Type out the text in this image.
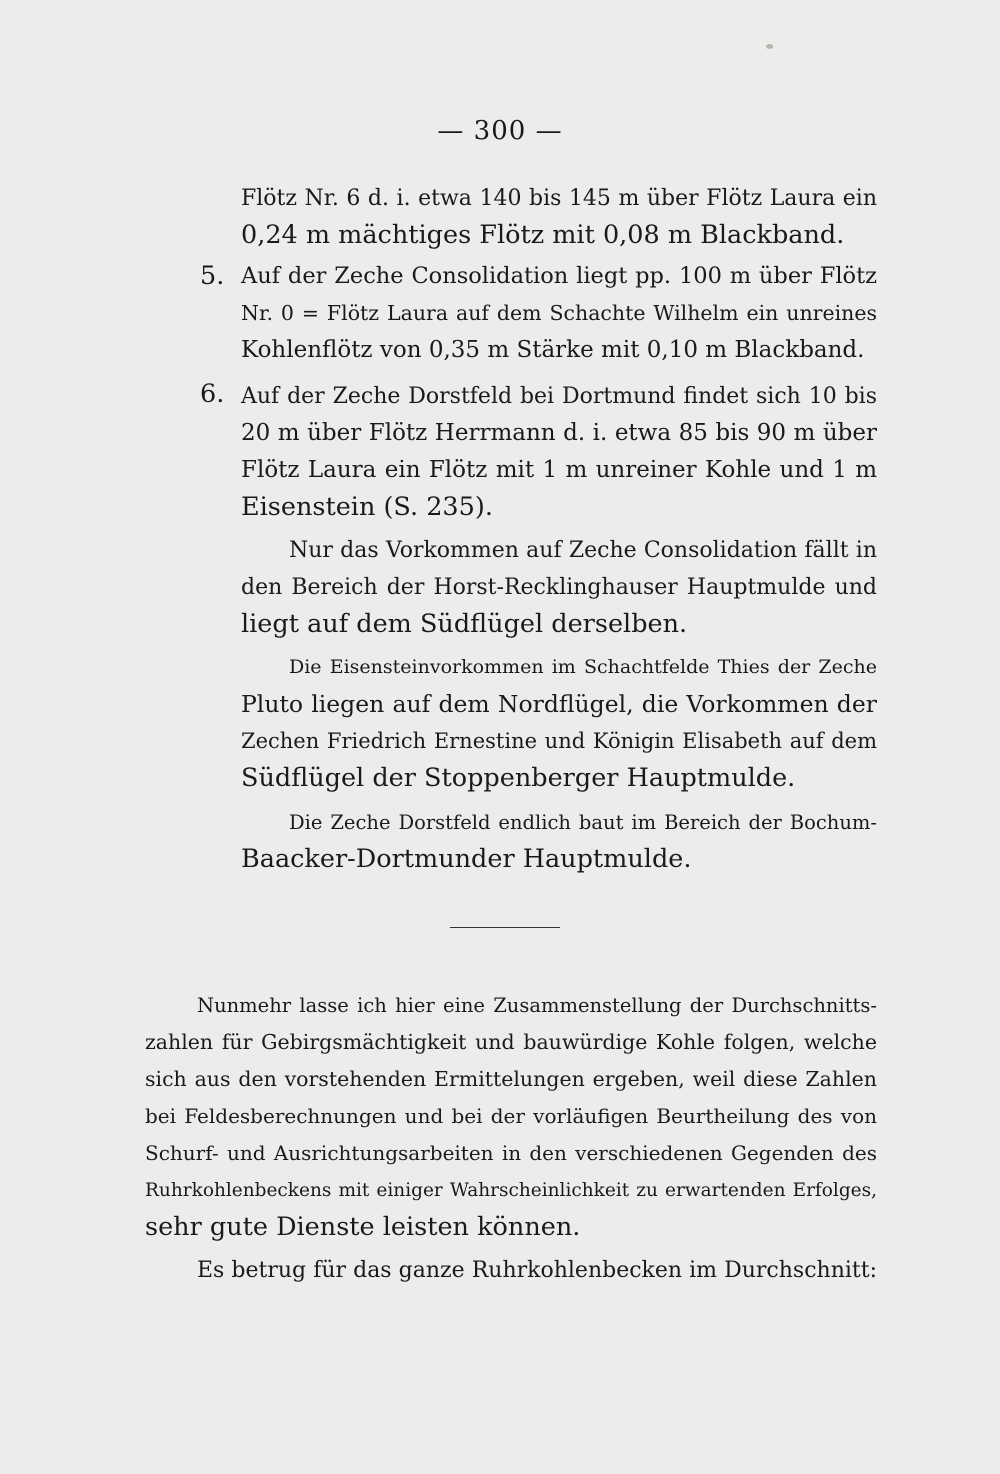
— 300 —
Flötz Nr. 6 d. i. etwa 140 bis 145 m über Flötz Laura ein
0,24 m mächtiges Flötz mit 0,08 m Blackband.
5. Auf der Zeche Consolidation liegt pp. 100 m über Flötz
Nr. 0 = Flötz Laura auf dem Schachte Wilhelm ein unreines
Kohlenflötz von 0,35 m Stärke mit 0,10 m Blackband.
6. Auf der Zeche Dorstfeld bei Dortmund findet sich 10 bis
20 m über Flötz Herrmann d. i. etwa 85 bis 90 m über
Flötz Laura ein Flötz mit 1 m unreiner Kohle und 1 m
Eisenstein (S. 235).
Nur das Vorkommen auf Zeche Consolidation fällt in
den Bereich der Horst-Recklinghauser Hauptmulde und
liegt auf dem Südflügel derselben.
Die Eisensteinvorkommen im Schachtfelde Thies der Zeche
Pluto liegen auf dem Nordflügel, die Vorkommen der
Zechen Friedrich Ernestine und Königin Elisabeth auf dem
Südflügel der Stoppenberger Hauptmulde.
Die Zeche Dorstfeld endlich baut im Bereich der Bochum-
Baacker-Dortmunder Hauptmulde.
Nunmehr lasse ich hier eine Zusammenstellung der Durchschnitts-
zahlen für Gebirgsmächtigkeit und bauwürdige Kohle folgen, welche
sich aus den vorstehenden Ermittelungen ergeben, weil diese Zahlen
bei Feldesberechnungen und bei der vorläufigen Beurtheilung des von
Schurf- und Ausrichtungsarbeiten in den verschiedenen Gegenden des
Ruhrkohlenbeckens mit einiger Wahrscheinlichkeit zu erwartenden Erfolges,
sehr gute Dienste leisten können.
Es betrug für das ganze Ruhrkohlenbecken im Durchschnitt:
